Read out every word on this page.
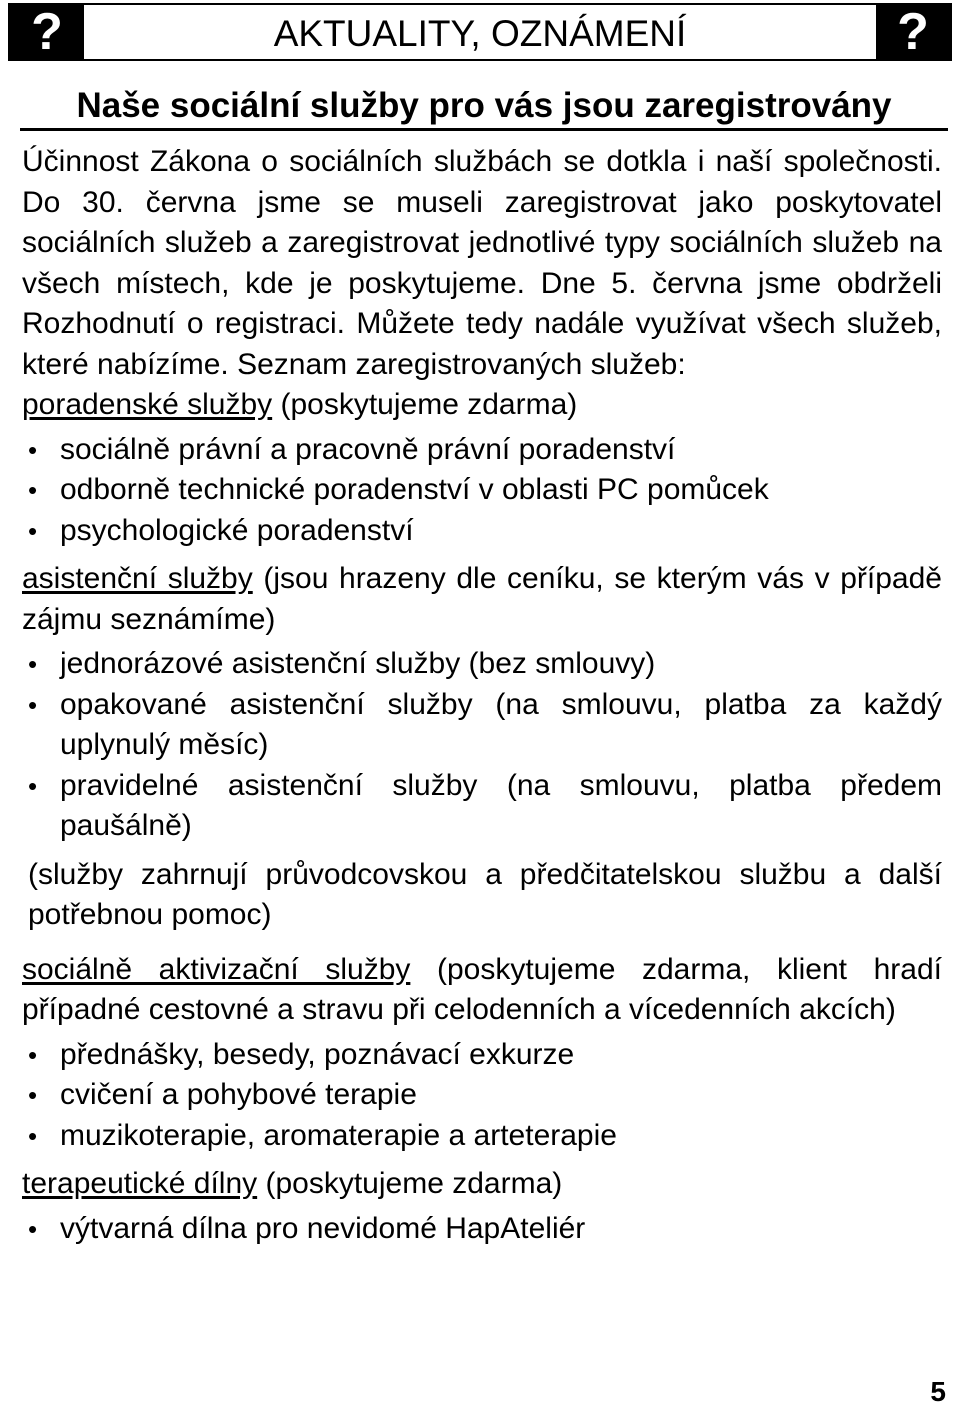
?	AKTUALITY, OZNÁMENÍ	?
Naše sociální služby pro vás jsou zaregistrovány

Účinnost Zákona o sociálních službách se dotkla i naší společnosti. Do 30. června jsme se museli zaregistrovat jako poskytovatel sociálních služeb a zaregistrovat jednotlivé typy sociálních služeb na všech místech, kde je poskytujeme. Dne 5. června jsme obdrželi Rozhodnutí o registraci. Můžete tedy nadále využívat všech služeb, které nabízíme. Seznam zaregistrovaných služeb:

poradenské služby (poskytujeme zdarma)

• sociálně právní a pracovně právní poradenství
• odborně technické poradenství v oblasti PC pomůcek
• psychologické poradenství

asistenční služby (jsou hrazeny dle ceníku, se kterým vás v případě zájmu seznámíme)

• jednorázové asistenční služby (bez smlouvy)
• opakované asistenční služby (na smlouvu, platba za každý uplynulý měsíc)
• pravidelné asistenční služby (na smlouvu, platba předem paušálně)

(služby zahrnují průvodcovskou a předčitatelskou službu a další potřebnou pomoc)

sociálně aktivizační služby (poskytujeme zdarma, klient hradí případné cestovné a stravu při celodenních a vícedenních akcích)

• přednášky, besedy, poznávací exkurze
• cvičení a pohybové terapie
• muzikoterapie, aromaterapie a arteterapie

terapeutické dílny (poskytujeme zdarma)

• výtvarná dílna pro nevidomé HapAteliér

5
